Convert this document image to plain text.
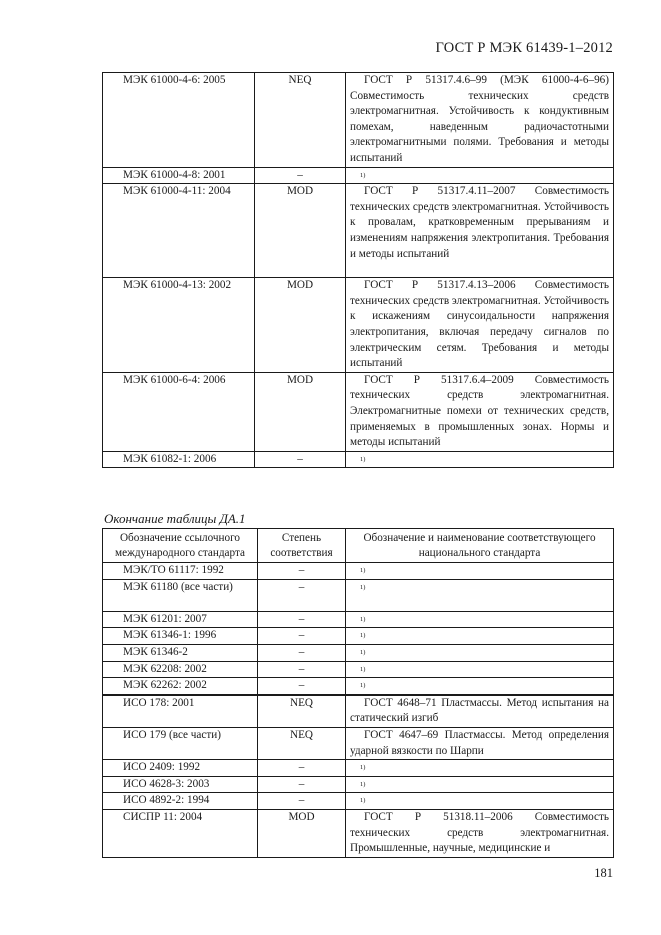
ГОСТ Р МЭК 61439-1–2012
МЭК 61000-4-6: 2005	NEQ	ГОСТ Р 51317.4.6–99 (МЭК 61000-4-6–96) Совместимость технических средств электромагнитная. Устойчивость к кондуктивным помехам, наведенным радиочастотными электромагнитными полями. Требования и методы испытаний
МЭК 61000-4-8: 2001	–	1)
МЭК 61000-4-11: 2004	MOD	ГОСТ Р 51317.4.11–2007 Совместимость технических средств электромагнитная. Устойчивость к провалам, кратковременным прерываниям и изменениям напряжения электропитания. Требования и методы испытаний
МЭК 61000-4-13: 2002	MOD	ГОСТ Р 51317.4.13–2006 Совместимость технических средств электромагнитная. Устойчивость к искажениям синусоидальности напряжения электропитания, включая передачу сигналов по электрическим сетям. Требования и методы испытаний
МЭК 61000-6-4: 2006	MOD	ГОСТ Р 51317.6.4–2009 Совместимость технических средств электромагнитная. Электромагнитные помехи от технических средств, применяемых в промышленных зонах. Нормы и методы испытаний
МЭК 61082-1: 2006	–	1)
Окончание таблицы ДА.1
Обозначение ссылочного международного стандарта	Степень соответствия	Обозначение и наименование соответствующего национального стандарта
МЭК/ТО 61117: 1992	–	1)
МЭК 61180 (все части)	–	1)
МЭК 61201: 2007	–	1)
МЭК 61346-1: 1996	–	1)
МЭК 61346-2	–	1)
МЭК 62208: 2002	–	1)
МЭК 62262: 2002	–	1)
ИСО 178: 2001	NEQ	ГОСТ 4648–71 Пластмассы. Метод испытания на статический изгиб
ИСО 179 (все части)	NEQ	ГОСТ 4647–69 Пластмассы. Метод определения ударной вязкости по Шарпи
ИСО 2409: 1992	–	1)
ИСО 4628-3: 2003	–	1)
ИСО 4892-2: 1994	–	1)
СИСПР 11: 2004	MOD	ГОСТ Р 51318.11–2006 Совместимость технических средств электромагнитная. Промышленные, научные, медицинские и
181
